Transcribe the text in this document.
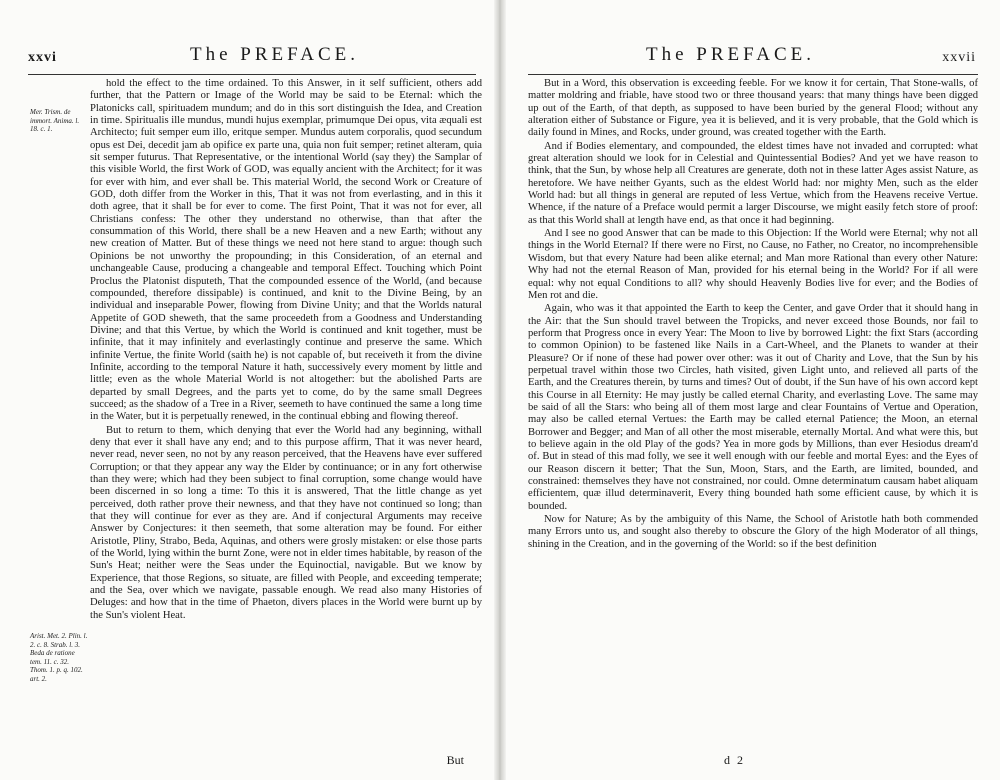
xxvi	The PREFACE.
Mer. Trism. de immort. Anima. l. 18. c. 1.
Arist. Met. 2. Plin. l. 2. c. 8. Strab. l. 3. Beda de ratione tem. 11. c. 32. Thom. 1. p. q. 102. art. 2.

hold the effect to the time ordained. To this Answer, in it self sufficient, others add further, that the Pattern or Image of the World may be said to be Eternal: which the Platonicks call, spirituadem mundum; and do in this sort distinguish the Idea, and Creation in time. Spiritualis ille mundus, mundi hujus exemplar, primumque Dei opus, vita æquali est Architecto; fuit semper eum illo, eritque semper. Mundus autem corporalis, quod secundum opus est Dei, decedit jam ab opifice ex parte una, quia non fuit semper; retinet alteram, quia sit semper futurus. That Representative, or the intentional World (say they) the Samplar of this visible World, the first Work of GOD, was equally ancient with the Architect; for it was for ever with him, and ever shall be. This material World, the second Work or Creature of GOD, doth differ from the Worker in this, That it was not from everlasting, and in this it doth agree, that it shall be for ever to come. The first Point, That it was not for ever, all Christians confess: The other they understand no otherwise, than that after the consummation of this World, there shall be a new Heaven and a new Earth; without any new creation of Matter. But of these things we need not here stand to argue: though such Opinions be not unworthy the propounding; in this Consideration, of an eternal and unchangeable Cause, producing a changeable and temporal Effect. Touching which Point Proclus the Platonist disputeth, That the compounded essence of the World, (and because compounded, therefore dissipable) is continued, and knit to the Divine Being, by an individual and inseparable Power, flowing from Divine Unity; and that the Worlds natural Appetite of GOD sheweth, that the same proceedeth from a Goodness and Understanding Divine; and that this Vertue, by which the World is continued and knit together, must be infinite, that it may infinitely and everlastingly continue and preserve the same. Which infinite Vertue, the finite World (saith he) is not capable of, but receiveth it from the divine Infinite, according to the temporal Nature it hath, successively every moment by little and little; even as the whole Material World is not altogether: but the abolished Parts are departed by small Degrees, and the parts yet to come, do by the same small Degrees succeed; as the shadow of a Tree in a River, seemeth to have continued the same a long time in the Water, but it is perpetually renewed, in the continual ebbing and flowing thereof.

But to return to them, which denying that ever the World had any beginning, withall deny that ever it shall have any end; and to this purpose affirm, That it was never heard, never read, never seen, no not by any reason perceived, that the Heavens have ever suffered Corruption; or that they appear any way the Elder by continuance; or in any fort otherwise than they were; which had they been subject to final corruption, some change would have been discerned in so long a time: To this it is answered, That the little change as yet perceived, doth rather prove their newness, and that they have not continued so long; than that they will continue for ever as they are. And if conjectural Arguments may receive Answer by Conjectures: it then seemeth, that some alteration may be found. For either Aristotle, Pliny, Strabo, Beda, Aquinas, and others were grosly mistaken: or else those parts of the World, lying within the burnt Zone, were not in elder times habitable, by reason of the Sun's Heat; neither were the Seas under the Equinoctial, navigable. But we know by Experience, that those Regions, so situate, are filled with People, and exceeding temperate; and the Sea, over which we navigate, passable enough. We read also many Histories of Deluges: and how that in the time of Phaeton, divers places in the World were burnt up by the Sun's violent Heat.

But
The PREFACE.	xxvii

But in a Word, this observation is exceeding feeble. For we know it for certain, That Stone-walls, of matter moldring and friable, have stood two or three thousand years: that many things have been digged up out of the Earth, of that depth, as supposed to have been buried by the general Flood; without any alteration either of Substance or Figure, yea it is believed, and it is very probable, that the Gold which is daily found in Mines, and Rocks, under ground, was created together with the Earth.

And if Bodies elementary, and compounded, the eldest times have not invaded and corrupted: what great alteration should we look for in Celestial and Quintessential Bodies? And yet we have reason to think, that the Sun, by whose help all Creatures are generate, doth not in these latter Ages assist Nature, as heretofore. We have neither Gyants, such as the eldest World had: nor mighty Men, such as the elder World had: but all things in general are reputed of less Vertue, which from the Heavens receive Vertue. Whence, if the nature of a Preface would permit a larger Discourse, we might easily fetch store of proof: as that this World shall at length have end, as that once it had beginning.

And I see no good Answer that can be made to this Objection: If the World were Eternal; why not all things in the World Eternal? If there were no First, no Cause, no Father, no Creator, no incomprehensible Wisdom, but that every Nature had been alike eternal; and Man more Rational than every other Nature: Why had not the eternal Reason of Man, provided for his eternal being in the World? For if all were equal: why not equal Conditions to all? why should Heavenly Bodies live for ever; and the Bodies of Men rot and die.

Again, who was it that appointed the Earth to keep the Center, and gave Order that it should hang in the Air: that the Sun should travel between the Tropicks, and never exceed those Bounds, nor fail to perform that Progress once in every Year: The Moon to live by borrowed Light: the fixt Stars (according to common Opinion) to be fastened like Nails in a Cart-Wheel, and the Planets to wander at their Pleasure? Or if none of these had power over other: was it out of Charity and Love, that the Sun by his perpetual travel within those two Circles, hath visited, given Light unto, and relieved all parts of the Earth, and the Creatures therein, by turns and times? Out of doubt, if the Sun have of his own accord kept this Course in all Eternity: He may justly be called eternal Charity, and everlasting Love. The same may be said of all the Stars: who being all of them most large and clear Fountains of Vertue and Operation, may also be called eternal Vertues: the Earth may be called eternal Patience; the Moon, an eternal Borrower and Begger; and Man of all other the most miserable, eternally Mortal. And what were this, but to believe again in the old Play of the gods? Yea in more gods by Millions, than ever Hesiodus dream'd of. But in stead of this mad folly, we see it well enough with our feeble and mortal Eyes: and the Eyes of our Reason discern it better; That the Sun, Moon, Stars, and the Earth, are limited, bounded, and constrained: themselves they have not constrained, nor could. Omne determinatum causam habet aliquam efficientem, quæ illud determinaverit, Every thing bounded hath some efficient cause, by which it is bounded.

Now for Nature; As by the ambiguity of this Name, the School of Aristotle hath both commended many Errors unto us, and sought also thereby to obscure the Glory of the high Moderator of all things, shining in the Creation, and in the governing of the World: so if the best definition

d 2
